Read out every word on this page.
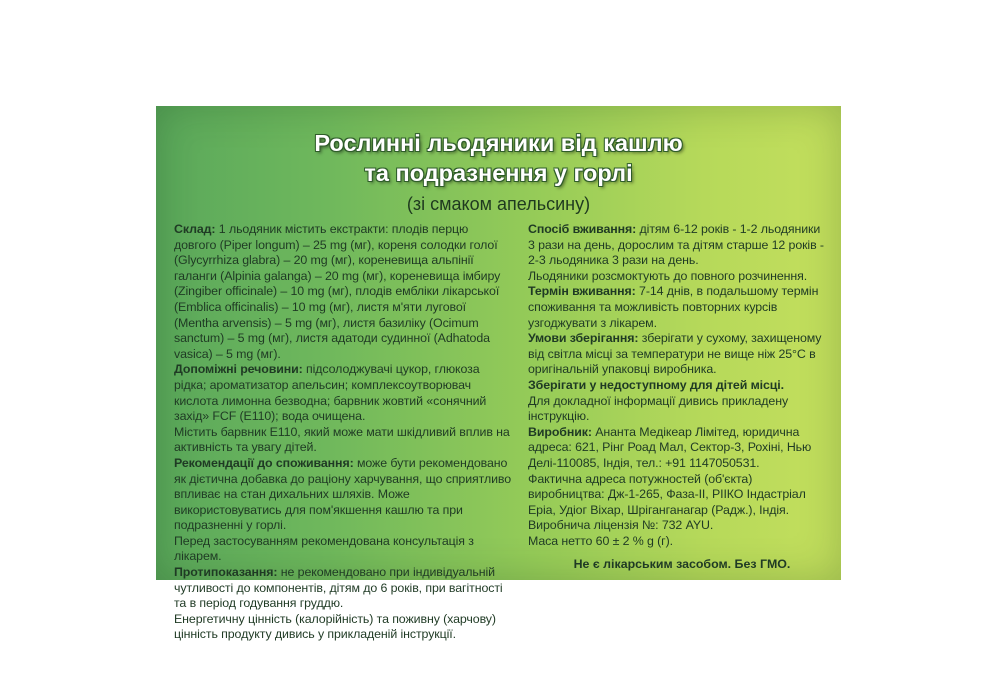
Рослинні льодяники від кашлю
та подразнення у горлі
(зі смаком апельсину)

Склад: 1 льодяник містить екстракти: плодів перцю довгого (Piper longum) – 25 mg (мг), кореня солодки голої (Glycyrrhiza glabra) – 20 mg (мг), кореневища альпінії галанги (Alpinia galanga) – 20 mg (мг), кореневища імбиру (Zingiber officinale) – 10 mg (мг), плодів ембліки лікарської (Emblica officinalis) – 10 mg (мг), листя м'яти лугової (Mentha arvensis) – 5 mg (мг), листя базиліку (Ocimum sanctum) – 5 mg (мг), листя адатоди судинної (Adhatoda vasica) – 5 mg (мг).

Допоміжні речовини: підсолоджувачі цукор, глюкоза рідка; ароматизатор апельсин; комплексоутворювач кислота лимонна безводна; барвник жовтий «сонячний захід» FCF (E110); вода очищена.

Містить барвник E110, який може мати шкідливий вплив на активність та увагу дітей.

Рекомендації до споживання: може бути рекомендовано як дієтична добавка до раціону харчування, що сприятливо впливає на стан дихальних шляхів. Може використовуватись для пом'якшення кашлю та при подразненні у горлі.

Перед застосуванням рекомендована консультація з лікарем.

Протипоказання: не рекомендовано при індивідуальній чутливості до компонентів, дітям до 6 років, при вагітності та в період годування груддю.

Енергетичну цінність (калорійність) та поживну (харчову) цінність продукту дивись у прикладеній інструкції.

Спосіб вживання: дітям 6-12 років - 1-2 льодяники 3 рази на день, дорослим та дітям старше 12 років - 2-3 льодяника 3 рази на день.

Льодяники розсмоктують до повного розчинення.

Термін вживання: 7-14 днів, в подальшому термін споживання та можливість повторних курсів узгоджувати з лікарем.

Умови зберігання: зберігати у сухому, захищеному від світла місці за температури не вище ніж 25°С в оригінальній упаковці виробника.

Зберігати у недоступному для дітей місці.

Для докладної інформації дивись прикладену інструкцію.

Виробник: Ананта Медікеар Лімітед, юридична адреса: 621, Рінг Роад Мал, Сектор-3, Рохіні, Нью Делі-110085, Індія, тел.: +91 1147050531.

Фактична адреса потужностей (об'єкта) виробництва: Дж-1-265, Фаза-II, РІІКО Індастріал Еріа, Удіог Віхар, Шріганганагар (Радж.), Індія.

Виробнича ліцензія №: 732 AYU.

Маса нетто 60 ± 2 % g (г).

Не є лікарським засобом. Без ГМО.
